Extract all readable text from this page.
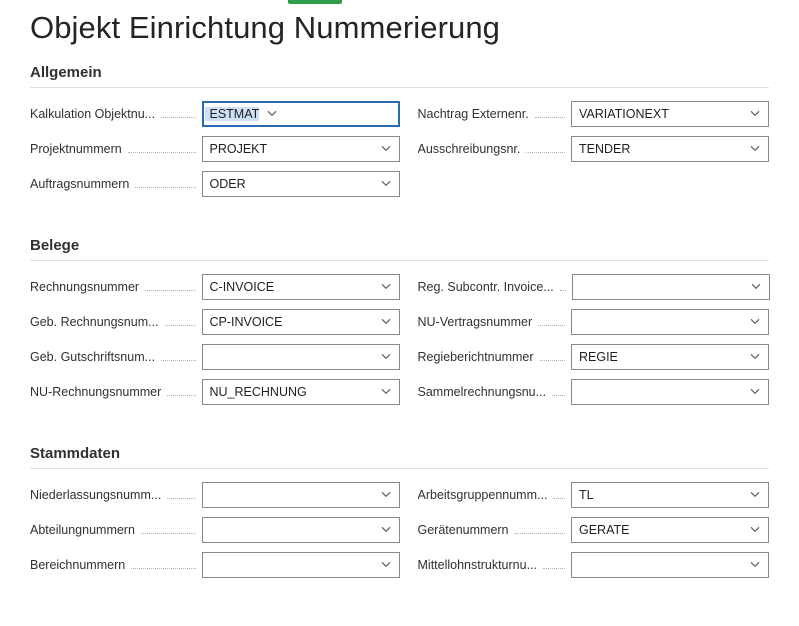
Objekt Einrichtung Nummerierung
Allgemein
Kalkulation Objektnu...	ESTMAT
Projektnummern	PROJEKT
Auftragsnummern	ODER
Nachtrag Externenr.	VARIATIONEXT
Ausschreibungsnr.	TENDER
Belege
Rechnungsnummer	C-INVOICE
Geb. Rechnungsnum...	CP-INVOICE
Geb. Gutschriftsnum...
NU-Rechnungsnummer	NU_RECHNUNG
Reg. Subcontr. Invoice...
NU-Vertragsnummer
Regieberichtnummer	REGIE
Sammelrechnungsnu...
Stammdaten
Niederlassungsnumm...
Abteilungnummern
Bereichnummern
Arbeitsgruppennumm...	TL
Gerätenummern	GERATE
Mittellohnstrukturnu...
